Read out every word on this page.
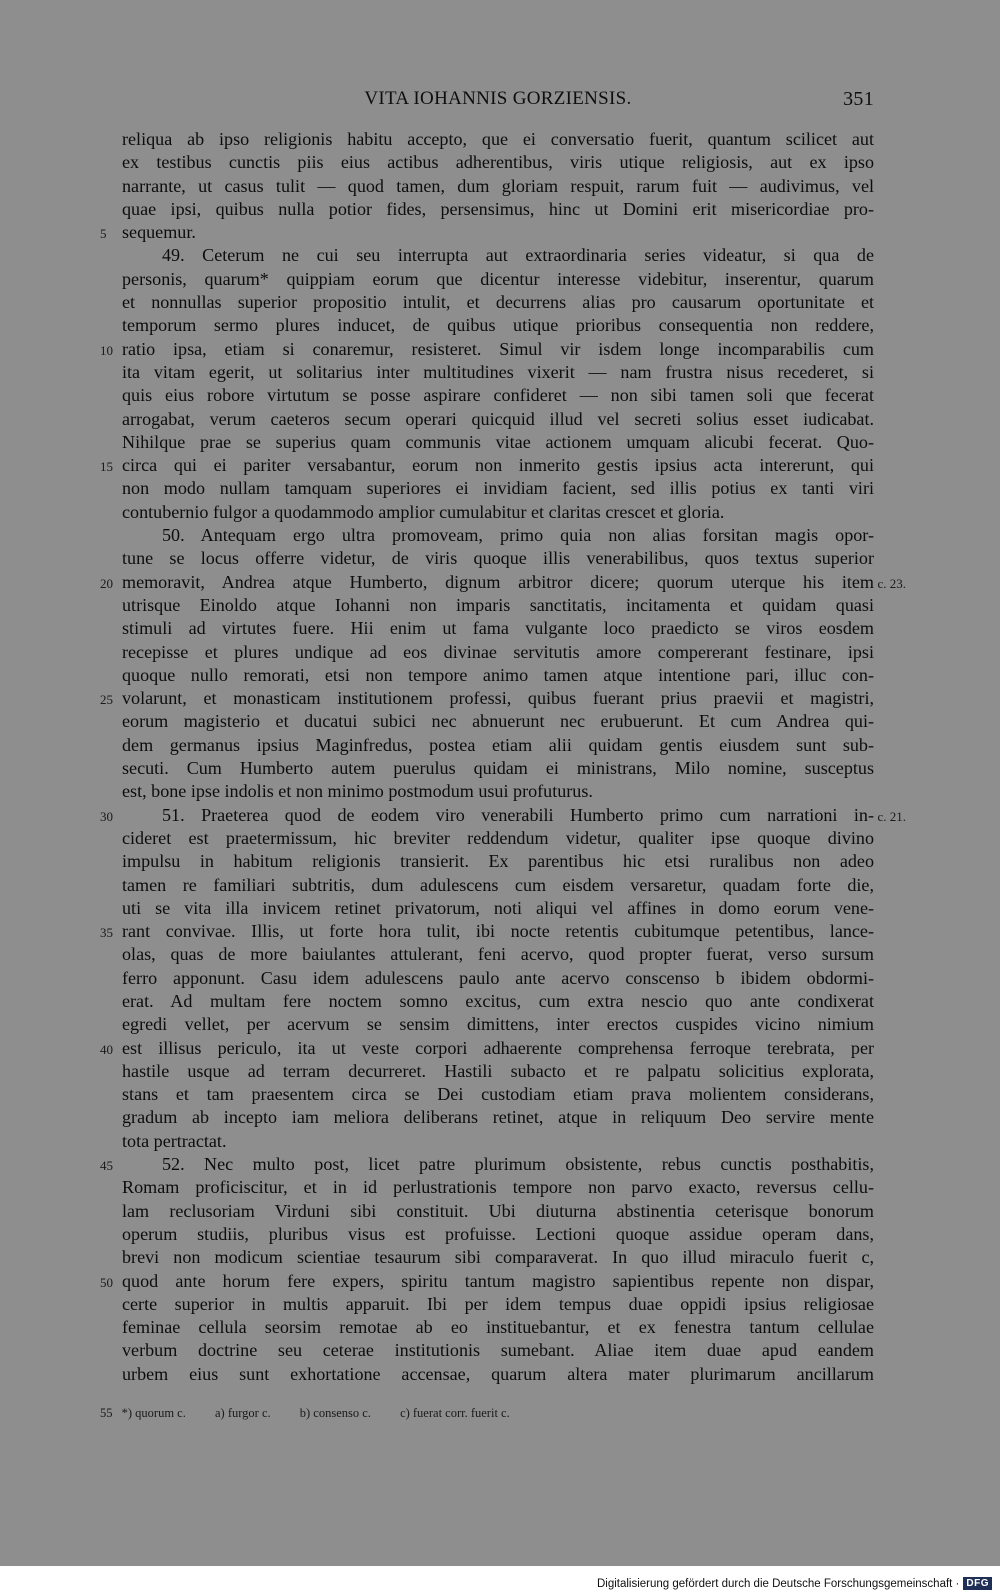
VITA IOHANNIS GORZIENSIS.	351
reliqua ab ipso religionis habitu accepto, que ei conversatio fuerit, quantum scilicet aut
ex testibus cunctis piis eius actibus adherentibus, viris utique religiosis, aut ex ipso
narrante, ut casus tulit — quod tamen, dum gloriam respuit, rarum fuit — audivimus, vel
quae ipsi, quibus nulla potior fides, persensimus, hinc ut Domini erit misericordiae pro-
5 sequemur.
49. Ceterum ne cui seu interrupta aut extraordinaria series videatur, si qua de
personis, quarum* quippiam eorum que dicentur interesse videbitur, inserentur, quarum
et nonnullas superior propositio intulit, et decurrens alias pro causarum oportunitate et
temporum sermo plures inducet, de quibus utique prioribus consequentia non reddere,
10 ratio ipsa, etiam si conaremur, resisteret. Simul vir isdem longe incomparabilis cum
ita vitam egerit, ut solitarius inter multitudines vixerit — nam frustra nisus recederet, si
quis eius robore virtutum se posse aspirare confideret — non sibi tamen soli que fecerat
arrogabat, verum caeteros secum operari quicquid illud vel secreti solius esset iudicabat.
Nihilque prae se superius quam communis vitae actionem umquam alicubi fecerat. Quo-
15 circa qui ei pariter versabantur, eorum non inmerito gestis ipsius acta intererunt, qui
non modo nullam tamquam superiores ei invidiam facient, sed illis potius ex tanti viri
contubernio fulgor a quodammodo amplior cumulabitur et claritas crescet et gloria.
50. Antequam ergo ultra promoveam, primo quia non alias forsitan magis opor-
tune se locus offerre videtur, de viris quoque illis venerabilibus, quos textus superior
20 memoravit, Andrea atque Humberto, dignum arbitror dicere; quorum uterque his item c. 23.
utrisque Einoldo atque Iohanni non imparis sanctitatis, incitamenta et quidam quasi
stimuli ad virtutes fuere. Hii enim ut fama vulgante loco praedicto se viros eosdem
recepisse et plures undique ad eos divinae servitutis amore compererant festinare, ipsi
quoque nullo remorati, etsi non tempore animo tamen atque intentione pari, illuc con-
25 volarunt, et monasticam institutionem professi, quibus fuerant prius praevii et magistri,
eorum magisterio et ducatui subici nec abnuerunt nec erubuerunt. Et cum Andrea qui-
dem germanus ipsius Maginfredus, postea etiam alii quidam gentis eiusdem sunt sub-
secuti. Cum Humberto autem puerulus quidam ei ministrans, Milo nomine, susceptus
est, bone ipse indolis et non minimo postmodum usui profuturus.
30	51. Praeterea quod de eodem viro venerabili Humberto primo cum narrationi in- c. 21.
cideret est praetermissum, hic breviter reddendum videtur, qualiter ipse quoque divino
impulsu in habitum religionis transierit. Ex parentibus hic etsi ruralibus non adeo
tamen re familiari subtritis, dum adulescens cum eisdem versaretur, quadam forte die,
uti se vita illa invicem retinet privatorum, noti aliqui vel affines in domo eorum vene-
35 rant convivae. Illis, ut forte hora tulit, ibi nocte retentis cubitumque petentibus, lance-
olas, quas de more baiulantes attulerant, feni acervo, quod propter fuerat, verso sursum
ferro apponunt. Casu idem adulescens paulo ante acervo conscenso b ibidem obdormi-
erat. Ad multam fere noctem somno excitus, cum extra nescio quo ante condixerat
egredi vellet, per acervum se sensim dimittens, inter erectos cuspides vicino nimium
40 est illisus periculo, ita ut veste corpori adhaerente comprehensa ferroque terebrata, per
hastile usque ad terram decurreret. Hastili subacto et re palpatu solicitius explorata,
stans et tam praesentem circa se Dei custodiam etiam prava molientem considerans,
gradum ab incepto iam meliora deliberans retinet, atque in reliquum Deo servire mente
tota pertractat.
45	52. Nec multo post, licet patre plurimum obsistente, rebus cunctis posthabitis,
Romam proficiscitur, et in id perlustrationis tempore non parvo exacto, reversus cellu-
lam reclusoriam Virduni sibi constituit. Ubi diuturna abstinentia ceterisque bonorum
operum studiis, pluribus visus est profuisse. Lectioni quoque assidue operam dans,
brevi non modicum scientiae tesaurum sibi comparaverat. In quo illud miraculo fuerit c,
50 quod ante horum fere expers, spiritu tantum magistro sapientibus repente non dispar,
certe superior in multis apparuit. Ibi per idem tempus duae oppidi ipsius religiosae
feminae cellula seorsim remotae ab eo instituebantur, et ex fenestra tantum cellulae
verbum doctrine seu ceterae institutionis sumebant. Aliae item duae apud eandem
urbem eius sunt exhortatione accensae, quarum altera mater plurimarum ancillarum
55 *) quorum c. a) furgor c. b) consenso c. c) fuerat corr. fuerit c.
Digitalisierung gefördert durch die Deutsche Forschungsgemeinschaft · DFG
